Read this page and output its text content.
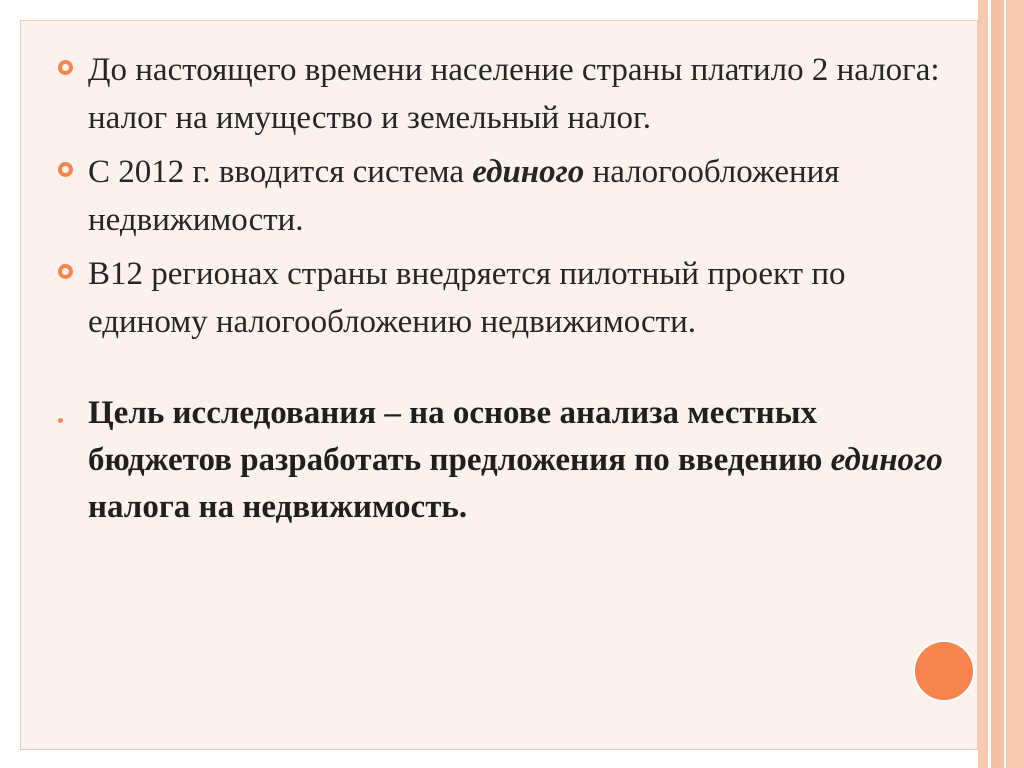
До настоящего времени население страны платило 2 налога: налог на имущество и земельный налог.
С 2012 г. вводится система единого налогообложения недвижимости.
В12 регионах страны внедряется пилотный проект по единому налогообложению недвижимости.
Цель исследования – на основе анализа местных бюджетов разработать предложения по введению единого налога на недвижимость.
